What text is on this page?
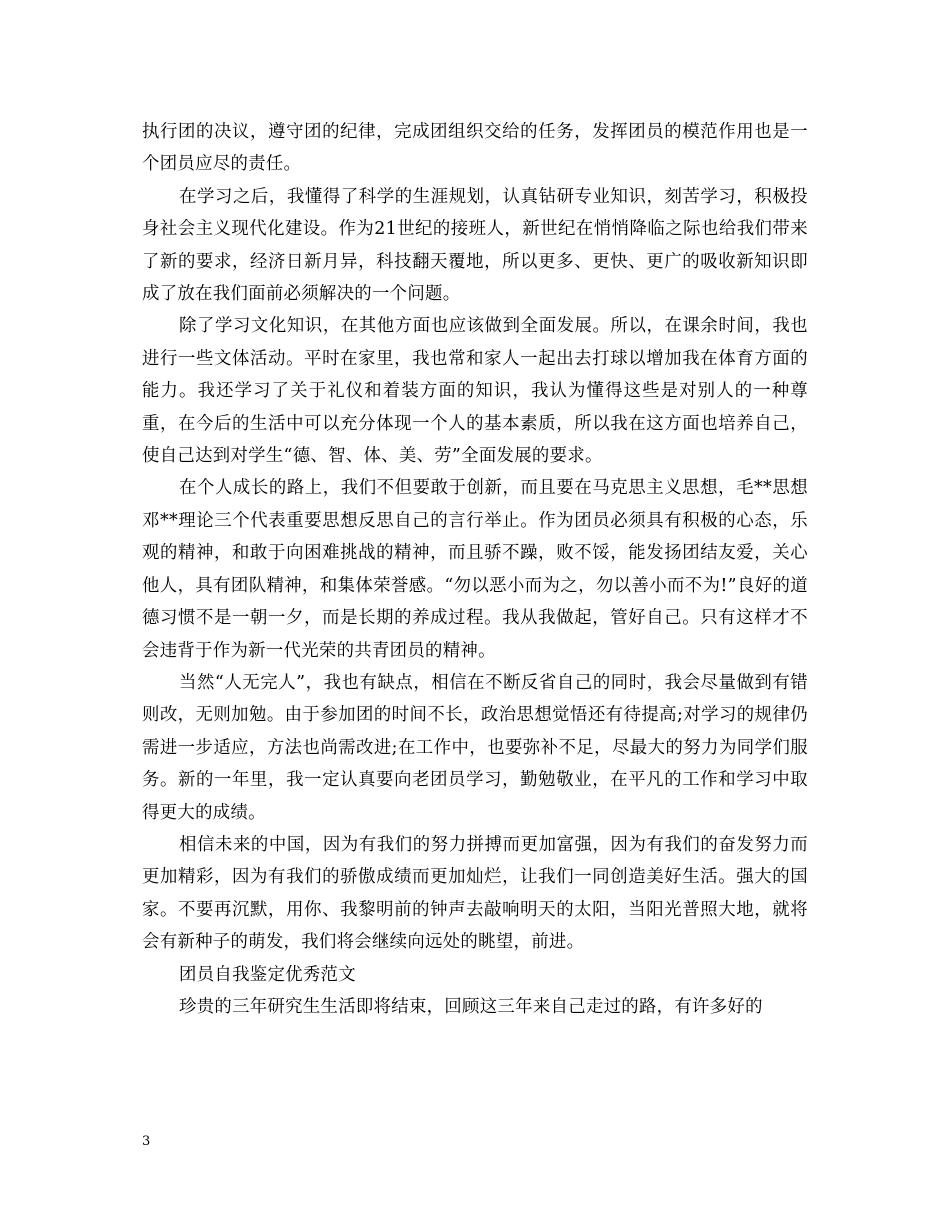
执行团的决议，遵守团的纪律，完成团组织交给的任务，发挥团员的模范作用也是一个团员应尽的责任。

在学习之后，我懂得了科学的生涯规划，认真钻研专业知识，刻苦学习，积极投身社会主义现代化建设。作为21世纪的接班人，新世纪在悄悄降临之际也给我们带来了新的要求，经济日新月异，科技翻天覆地，所以更多、更快、更广的吸收新知识即成了放在我们面前必须解决的一个问题。

除了学习文化知识，在其他方面也应该做到全面发展。所以，在课余时间，我也进行一些文体活动。平时在家里，我也常和家人一起出去打球以增加我在体育方面的能力。我还学习了关于礼仪和着装方面的知识，我认为懂得这些是对别人的一种尊重，在今后的生活中可以充分体现一个人的基本素质，所以我在这方面也培养自己，使自己达到对学生“德、智、体、美、劳”全面发展的要求。

在个人成长的路上，我们不但要敢于创新，而且要在马克思主义思想，毛**思想邓**理论三个代表重要思想反思自己的言行举止。作为团员必须具有积极的心态，乐观的精神，和敢于向困难挑战的精神，而且骄不躁，败不馁，能发扬团结友爱，关心他人，具有团队精神，和集体荣誉感。“勿以恶小而为之，勿以善小而不为!”良好的道德习惯不是一朝一夕，而是长期的养成过程。我从我做起，管好自己。只有这样才不会违背于作为新一代光荣的共青团员的精神。

当然“人无完人”，我也有缺点，相信在不断反省自己的同时，我会尽量做到有错则改，无则加勉。由于参加团的时间不长，政治思想觉悟还有待提高;对学习的规律仍需进一步适应，方法也尚需改进;在工作中，也要弥补不足，尽最大的努力为同学们服务。新的一年里，我一定认真要向老团员学习，勤勉敬业，在平凡的工作和学习中取得更大的成绩。

相信未来的中国，因为有我们的努力拼搏而更加富强，因为有我们的奋发努力而更加精彩，因为有我们的骄傲成绩而更加灿烂，让我们一同创造美好生活。强大的国家。不要再沉默，用你、我黎明前的钟声去敲响明天的太阳，当阳光普照大地，就将会有新种子的萌发，我们将会继续向远处的眺望，前进。

团员自我鉴定优秀范文

珍贵的三年研究生生活即将结束，回顾这三年来自己走过的路，有许多好的

3
